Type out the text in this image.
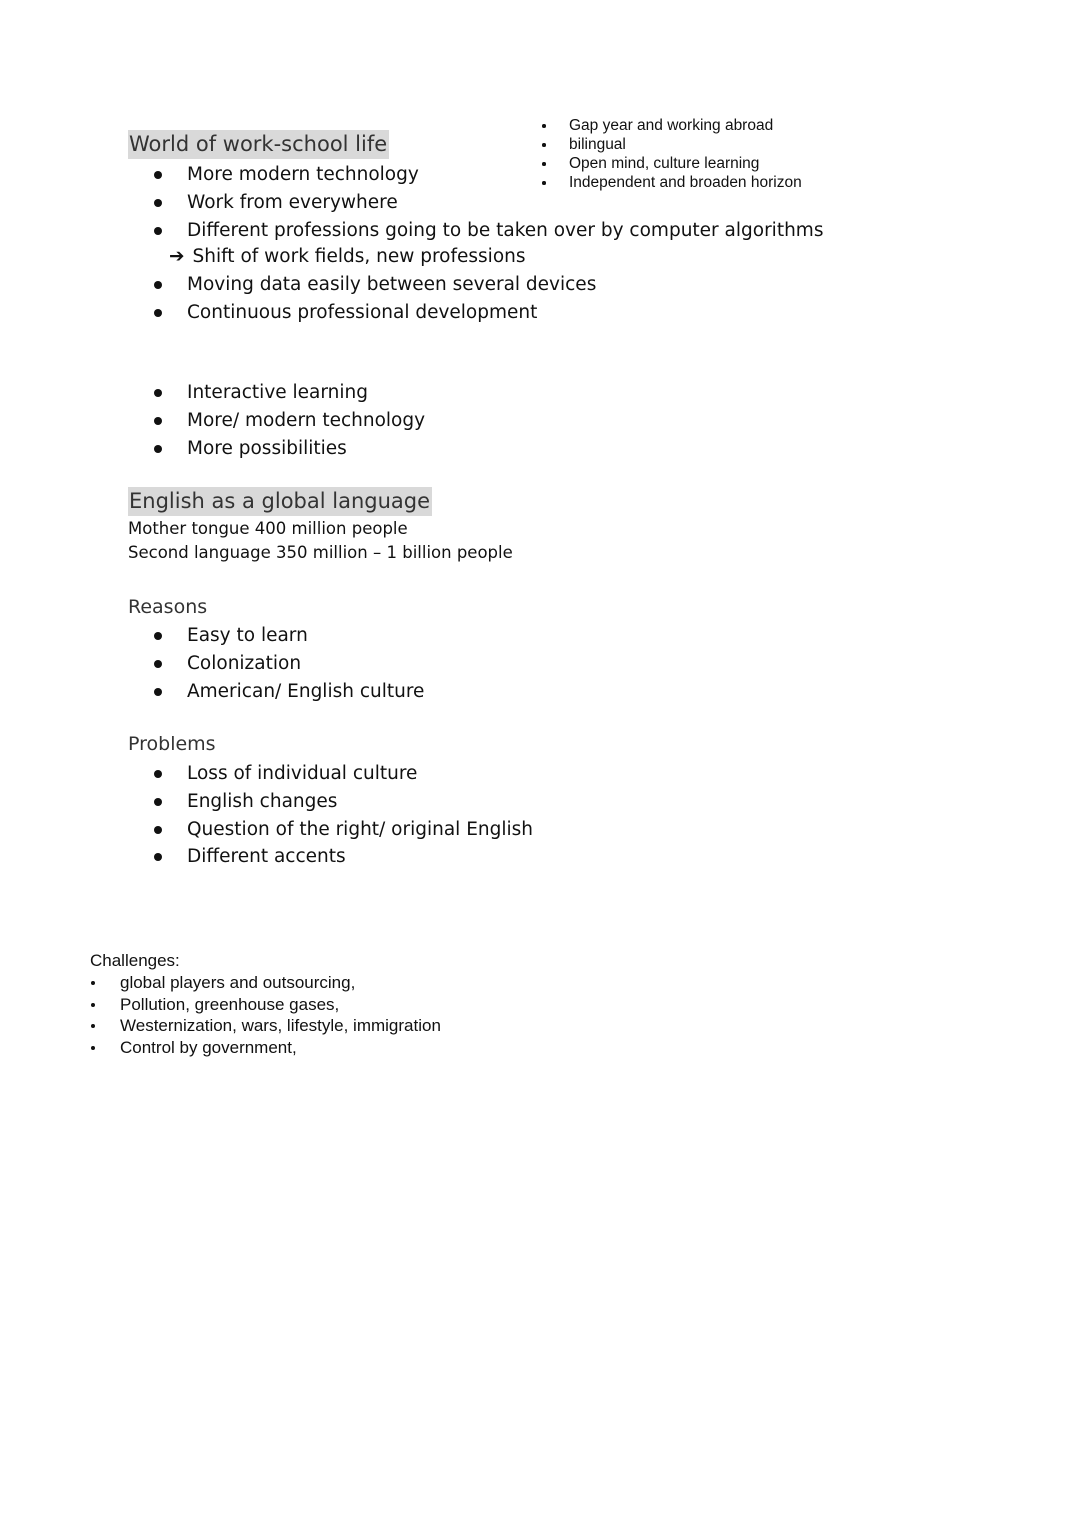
Gap year and working abroad
bilingual
Open mind, culture learning
Independent and broaden horizon
World of work-school life
More modern technology
Work from everywhere
Different professions going to be taken over by computer algorithms
➔ Shift of work fields, new professions
Moving data easily between several devices
Continuous professional development
Interactive learning
More/ modern technology
More possibilities
English as a global language
Mother tongue 400 million people
Second language 350 million – 1 billion people
Reasons
Easy to learn
Colonization
American/ English culture
Problems
Loss of individual culture
English changes
Question of the right/ original English
Different accents
Challenges:
global players and outsourcing,
Pollution, greenhouse gases,
Westernization, wars, lifestyle, immigration
Control by government,
